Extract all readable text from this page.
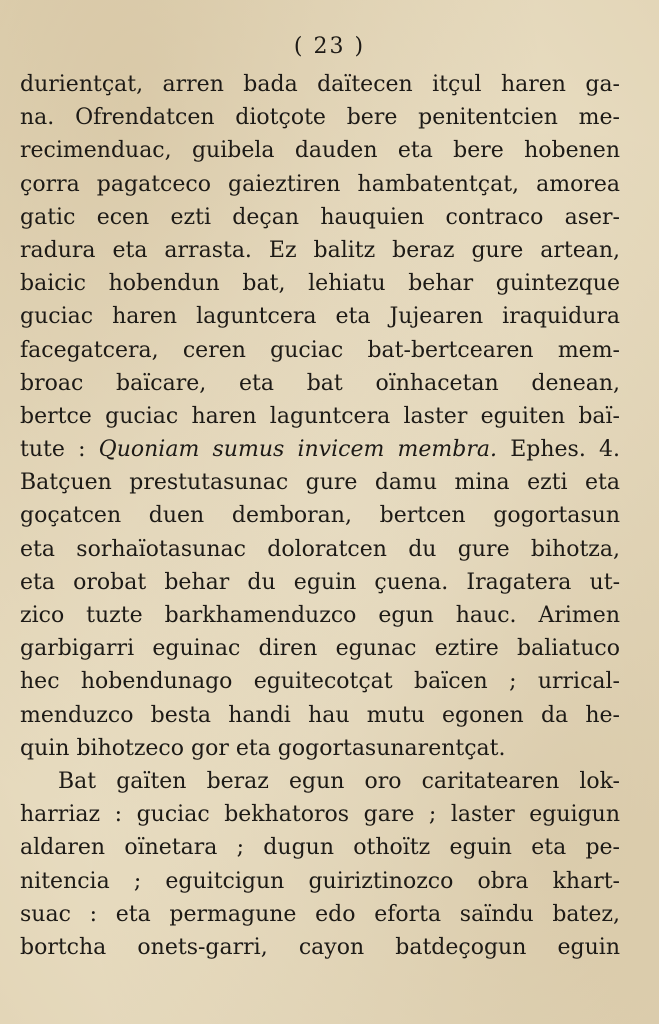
( 23 )
durientçat, arren bada daïtecen itçul haren ga-
na. Ofrendatcen diotçote bere penitentcien me-
recimenduac, guibela dauden eta bere hobenen
çorra pagatceco gaieztiren hambatentçat, amorea
gatic ecen ezti deçan hauquien contraco aser-
radura eta arrasta. Ez balitz beraz gure artean,
baicic hobendun bat, lehiatu behar guintezque
guciac haren laguntcera eta Jujearen iraquidura
facegatcera, ceren guciac bat-bertcearen mem-
broac baïcare, eta bat oïnhacetan denean,
bertce guciac haren laguntcera laster eguiten baï-
tute : Quoniam sumus invicem membra. Ephes. 4.
Batçuen prestutasunac gure damu mina ezti eta
goçatcen duen demboran, bertcen gogortasun
eta sorhaïotasunac doloratcen du gure bihotza,
eta orobat behar du eguin çuena. Iragatera ut-
zico tuzte barkhamenduzco egun hauc. Arimen
garbigarri eguinac diren egunac eztire baliatuco
hec hobendunago eguitecotçat baïcen ; urrical-
menduzco besta handi hau mutu egonen da he-
quin bihotzeco gor eta gogortasunarentçat.
Bat gaïten beraz egun oro caritatearen lok-
harriaz : guciac bekhatoros gare ; laster eguigun
aldaren oïnetara ; dugun othoïtz eguin eta pe-
nitencia ; eguitcigun guiriztinozco obra khart-
suac : eta permagune edo eforta saïndu batez,
bortcha onets-garri, cayon batdeçogun eguin
